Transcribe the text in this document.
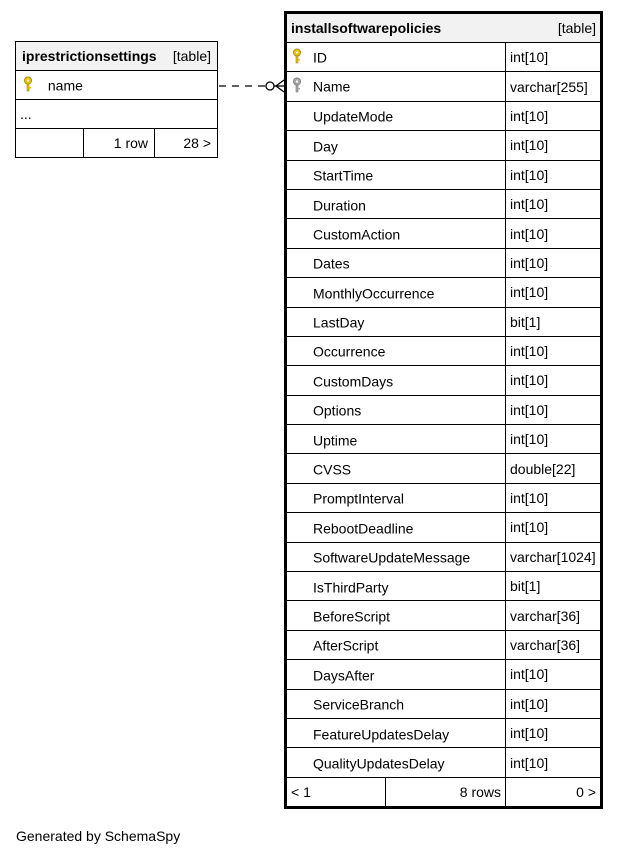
iprestrictionsettings [table]

name
...
	1 row	28 >
installsoftwarepolicies [table]		

ID		int[10]
Name		varchar[255]
UpdateMode		int[10]
Day		int[10]
StartTime		int[10]
Duration		int[10]
CustomAction		int[10]
Dates		int[10]
MonthlyOccurrence		int[10]
LastDay		bit[1]
Occurrence		int[10]
CustomDays		int[10]
Options		int[10]
Uptime		int[10]
CVSS		double[22]
PromptInterval		int[10]
RebootDeadline		int[10]
SoftwareUpdateMessage		varchar[1024]
IsThirdParty		bit[1]
BeforeScript		varchar[36]
AfterScript		varchar[36]
DaysAfter		int[10]
ServiceBranch		int[10]
FeatureUpdatesDelay		int[10]
QualityUpdatesDelay		int[10]
< 1	8 rows	0 >
Generated by SchemaSpy
